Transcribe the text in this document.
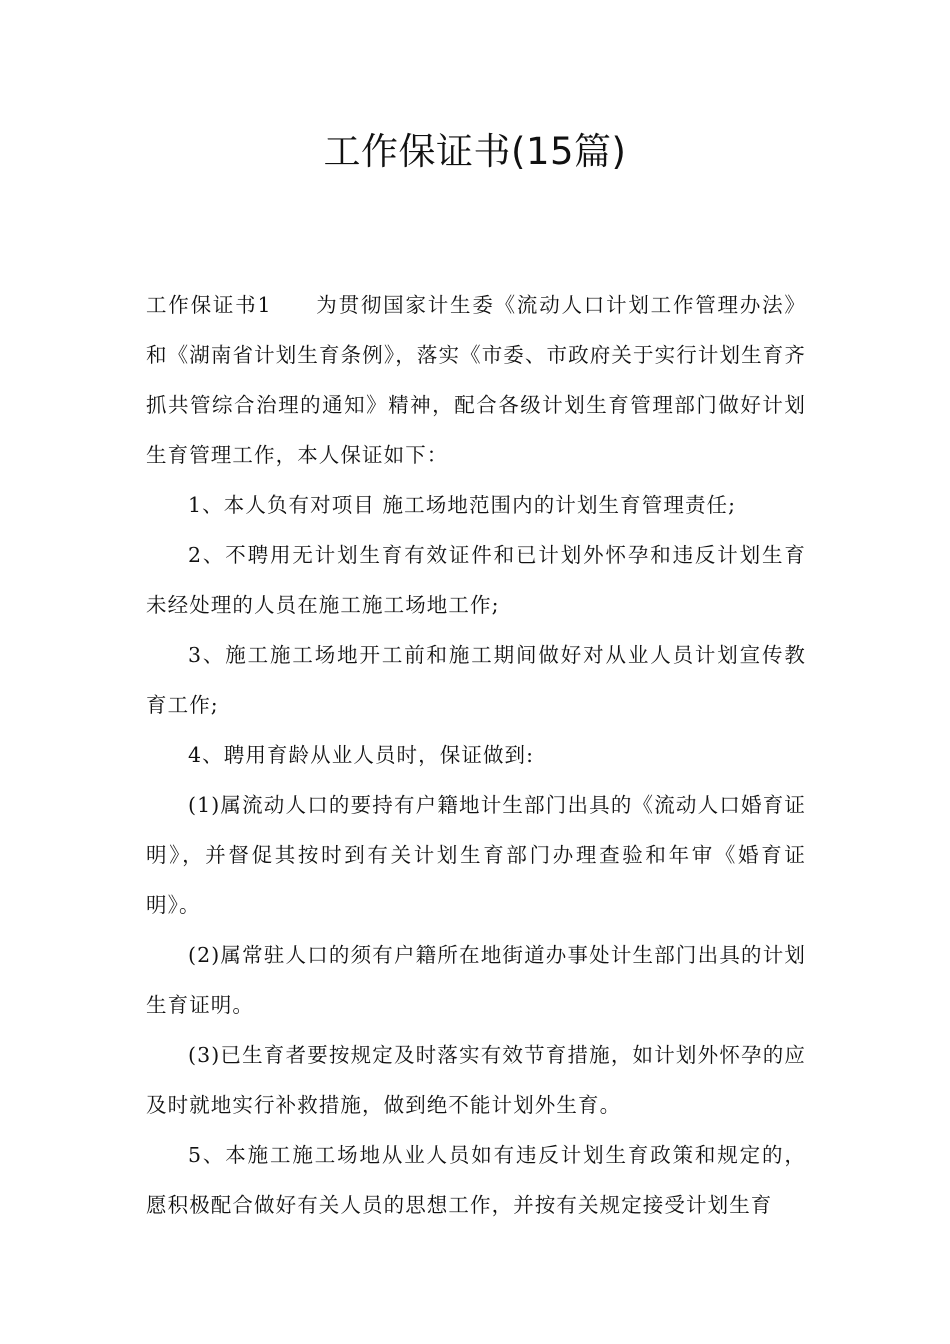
工作保证书(15篇)

工作保证书1 为贯彻国家计生委《流动人口计划工作管理办法》和《湖南省计划生育条例》，落实《市委、市政府关于实行计划生育齐抓共管综合治理的通知》精神，配合各级计划生育管理部门做好计划生育管理工作，本人保证如下：

1、本人负有对项目 施工场地范围内的计划生育管理责任;

2、不聘用无计划生育有效证件和已计划外怀孕和违反计划生育未经处理的人员在施工施工场地工作;

3、施工施工场地开工前和施工期间做好对从业人员计划宣传教育工作;

4、聘用育龄从业人员时，保证做到:

(1)属流动人口的要持有户籍地计生部门出具的《流动人口婚育证明》，并督促其按时到有关计划生育部门办理查验和年审《婚育证明》。

(2)属常驻人口的须有户籍所在地街道办事处计生部门出具的计划生育证明。

(3)已生育者要按规定及时落实有效节育措施，如计划外怀孕的应及时就地实行补救措施，做到绝不能计划外生育。

5、本施工施工场地从业人员如有违反计划生育政策和规定的，愿积极配合做好有关人员的思想工作，并按有关规定接受计划生育
